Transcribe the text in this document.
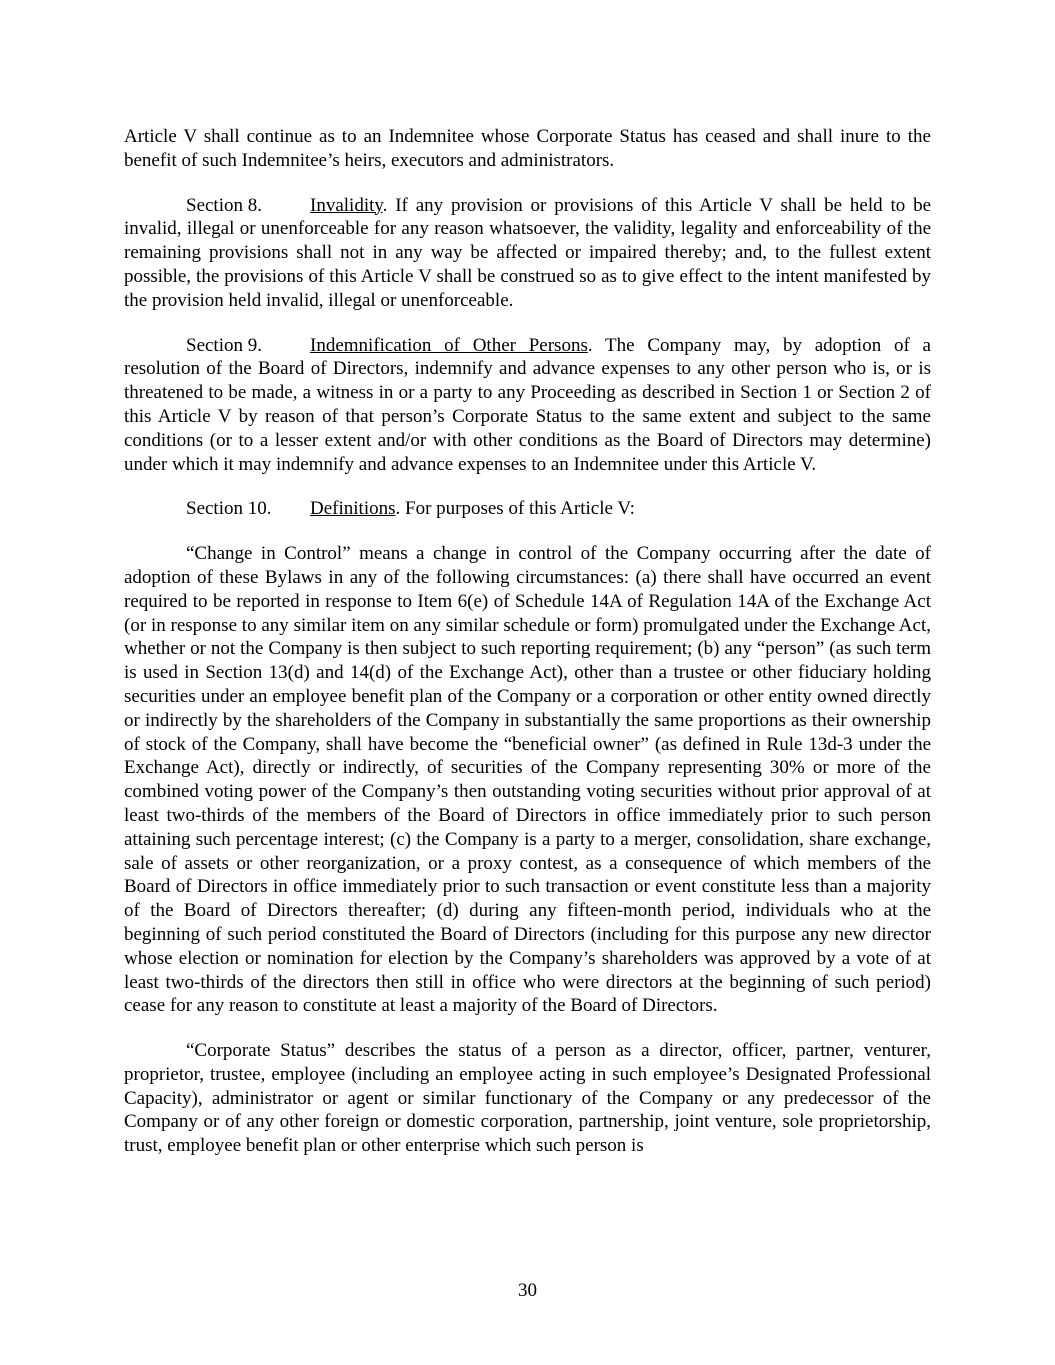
Article V shall continue as to an Indemnitee whose Corporate Status has ceased and shall inure to the benefit of such Indemnitee’s heirs, executors and administrators.

Section 8.	Invalidity. If any provision or provisions of this Article V shall be held to be invalid, illegal or unenforceable for any reason whatsoever, the validity, legality and enforceability of the remaining provisions shall not in any way be affected or impaired thereby; and, to the fullest extent possible, the provisions of this Article V shall be construed so as to give effect to the intent manifested by the provision held invalid, illegal or unenforceable.

Section 9.	Indemnification of Other Persons. The Company may, by adoption of a resolution of the Board of Directors, indemnify and advance expenses to any other person who is, or is threatened to be made, a witness in or a party to any Proceeding as described in Section 1 or Section 2 of this Article V by reason of that person’s Corporate Status to the same extent and subject to the same conditions (or to a lesser extent and/or with other conditions as the Board of Directors may determine) under which it may indemnify and advance expenses to an Indemnitee under this Article V.

Section 10. Definitions. For purposes of this Article V:

“Change in Control” means a change in control of the Company occurring after the date of adoption of these Bylaws in any of the following circumstances: (a) there shall have occurred an event required to be reported in response to Item 6(e) of Schedule 14A of Regulation 14A of the Exchange Act (or in response to any similar item on any similar schedule or form) promulgated under the Exchange Act, whether or not the Company is then subject to such reporting requirement; (b) any “person” (as such term is used in Section 13(d) and 14(d) of the Exchange Act), other than a trustee or other fiduciary holding securities under an employee benefit plan of the Company or a corporation or other entity owned directly or indirectly by the shareholders of the Company in substantially the same proportions as their ownership of stock of the Company, shall have become the “beneficial owner” (as defined in Rule 13d-3 under the Exchange Act), directly or indirectly, of securities of the Company representing 30% or more of the combined voting power of the Company’s then outstanding voting securities without prior approval of at least two-thirds of the members of the Board of Directors in office immediately prior to such person attaining such percentage interest; (c) the Company is a party to a merger, consolidation, share exchange, sale of assets or other reorganization, or a proxy contest, as a consequence of which members of the Board of Directors in office immediately prior to such transaction or event constitute less than a majority of the Board of Directors thereafter; (d) during any fifteen-month period, individuals who at the beginning of such period constituted the Board of Directors (including for this purpose any new director whose election or nomination for election by the Company’s shareholders was approved by a vote of at least two-thirds of the directors then still in office who were directors at the beginning of such period) cease for any reason to constitute at least a majority of the Board of Directors.

“Corporate Status” describes the status of a person as a director, officer, partner, venturer, proprietor, trustee, employee (including an employee acting in such employee’s Designated Professional Capacity), administrator or agent or similar functionary of the Company or any predecessor of the Company or of any other foreign or domestic corporation, partnership, joint venture, sole proprietorship, trust, employee benefit plan or other enterprise which such person is

30
